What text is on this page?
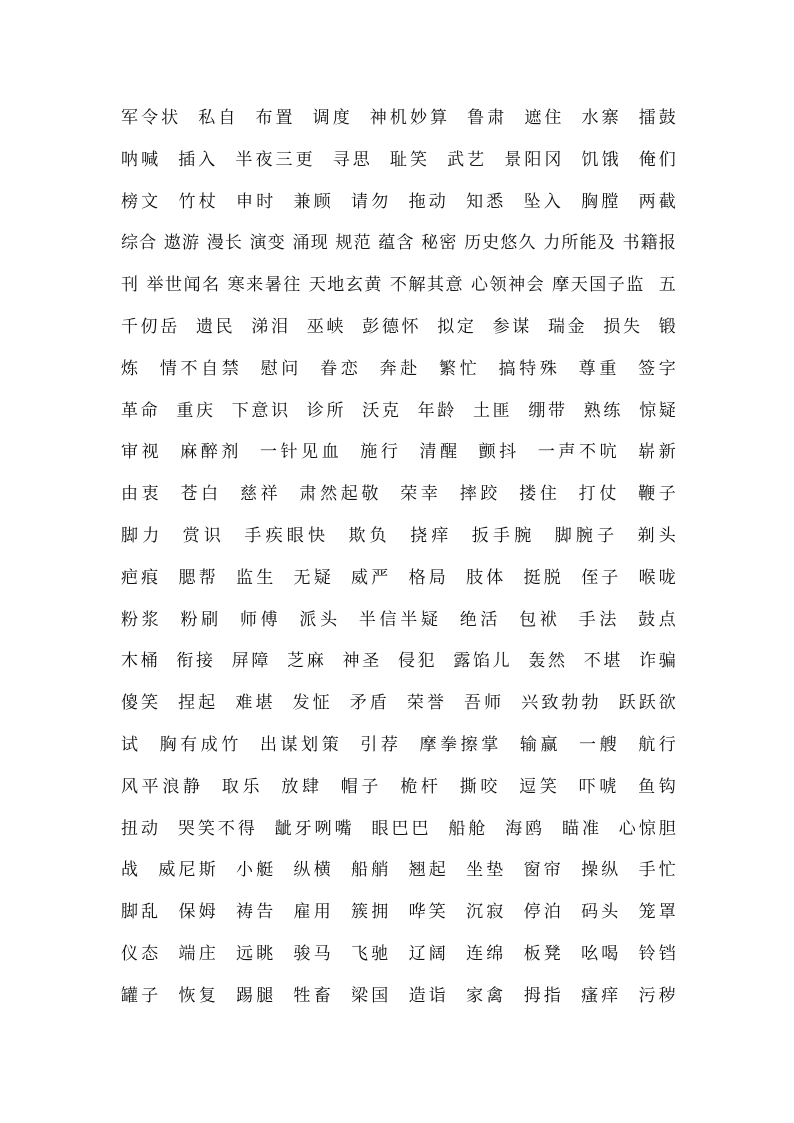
军令状  私自  布置  调度  神机妙算  鲁肃  遮住  水寨  擂鼓
呐喊  插入  半夜三更  寻思  耻笑  武艺  景阳冈  饥饿  俺们
榜文  竹杖  申时  兼顾  请勿  拖动  知悉  坠入  胸膛  两截
综合 遨游 漫长 演变 涌现 规范 蕴含 秘密 历史悠久 力所能及 书籍报
刊 举世闻名 寒来暑往 天地玄黄 不解其意 心领神会 摩天国子监  五
千仞岳  遗民  涕泪  巫峡  彭德怀  拟定  参谋  瑞金  损失  锻
炼  情不自禁  慰问  眷恋  奔赴  繁忙  搞特殊  尊重  签字
革命  重庆  下意识  诊所  沃克  年龄  土匪  绷带  熟练  惊疑
审视  麻醉剂  一针见血  施行  清醒  颤抖  一声不吭  崭新
由衷  苍白  慈祥  肃然起敬  荣幸  摔跤  搂住  打仗  鞭子
脚力  赏识  手疾眼快  欺负  挠痒  扳手腕  脚腕子  剃头
疤痕  腮帮  监生  无疑  威严  格局  肢体  挺脱  侄子  喉咙
粉浆  粉刷  师傅  派头  半信半疑  绝活  包袱  手法  鼓点
木桶  衔接  屏障  芝麻  神圣  侵犯  露馅儿  轰然  不堪  诈骗
傻笑  捏起  难堪  发怔  矛盾  荣誉  吾师  兴致勃勃  跃跃欲
试  胸有成竹  出谋划策  引荐  摩拳擦掌  输赢  一艘  航行
风平浪静  取乐  放肆  帽子  桅杆  撕咬  逗笑  吓唬  鱼钩
扭动  哭笑不得  龇牙咧嘴  眼巴巴  船舱  海鸥  瞄准  心惊胆
战  威尼斯  小艇  纵横  船艄  翘起  坐垫  窗帘  操纵  手忙
脚乱  保姆  祷告  雇用  簇拥  哗笑  沉寂  停泊  码头  笼罩
仪态  端庄  远眺  骏马  飞驰  辽阔  连绵  板凳  吆喝  铃铛
罐子  恢复  踢腿  牲畜  梁国  造诣  家禽  拇指  瘙痒  污秽
